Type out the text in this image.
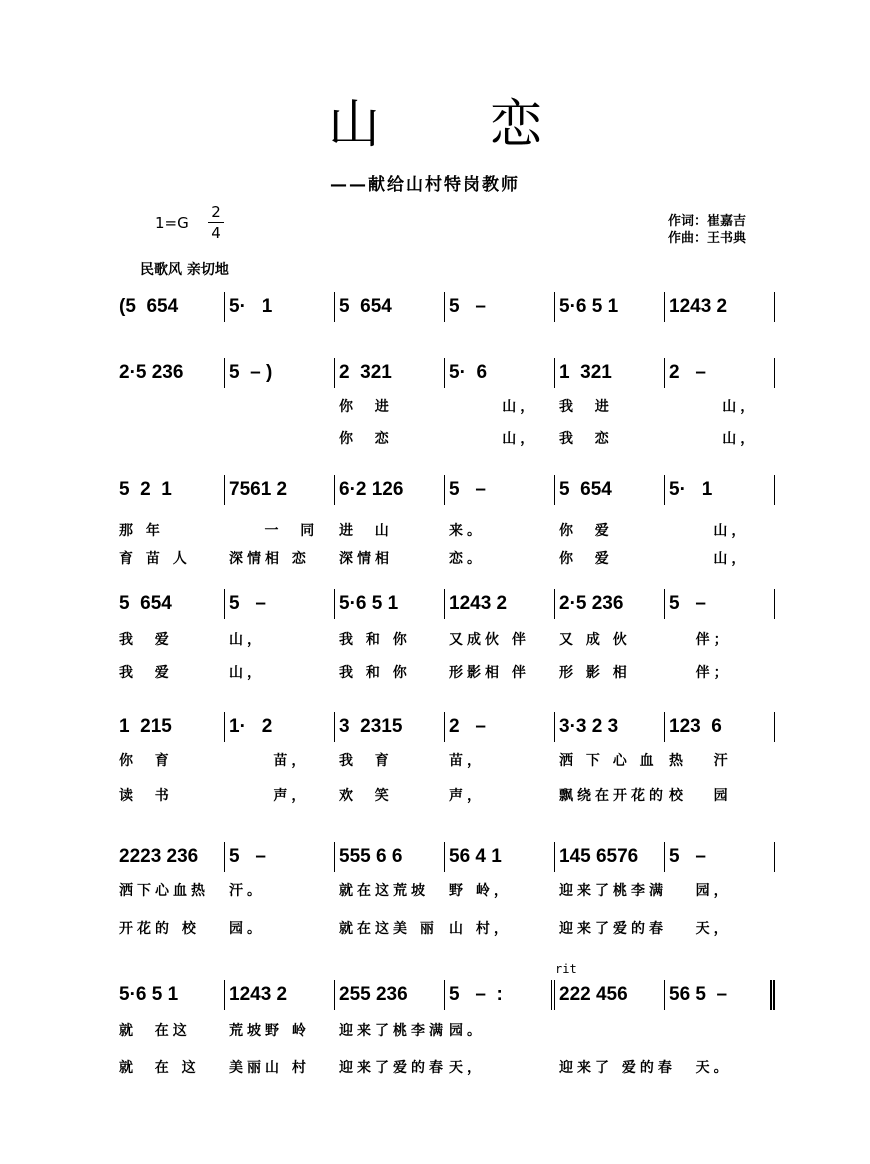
山恋
——献给山村特岗教师
1=G
2
4
作词：崔嘉吉
作曲：王书典
民歌风 亲切地
rit
(5  654	5·   1	5  654	5   –	5·6 5 1	1243 2
2·5 236	5  – )	2  321	5·  6	1  321	2   –
你  进	山，	我  进	山，
你  恋	山，	我  恋	山，
5  2  1	7561 2	6·2 126	5   –	5  654	5·   1
那 年	一  同	进  山	来。	你  爱	山，
育 苗 人	深情相 恋	深情相	恋。	你  爱	山，
5  654	5   –	5·6 5 1	1243 2	2·5 236	5   –
我  爱	山，	我 和 你	又成伙 伴	又 成 伙	伴；
我  爱	山，	我 和 你	形影相 伴	形 影 相	伴；
1  215	1·   2	3  2315	2   –	3·3 2 3	123  6
你  育	苗，	我  育	苗，	洒 下 心 血 热   汗
读  书	声，	欢  笑	声，	飘绕在开花的 校   园
2223 236	5   –	555 6 6	56 4 1	145 6576	5   –
洒下心血热	汗。	就在这荒坡	野 岭，	迎来了桃李满 园，
开花的 校	园。	就在这美 丽 山 村，	迎来了爱的春 天，
5·6 5 1	1243 2	255 236	5   –  :	222 456	56 5  –
就  在这	荒坡野 岭	迎来了桃李满 园。
就  在 这	美丽山 村	迎来了爱的春 天，	迎来了 爱的春
天。
